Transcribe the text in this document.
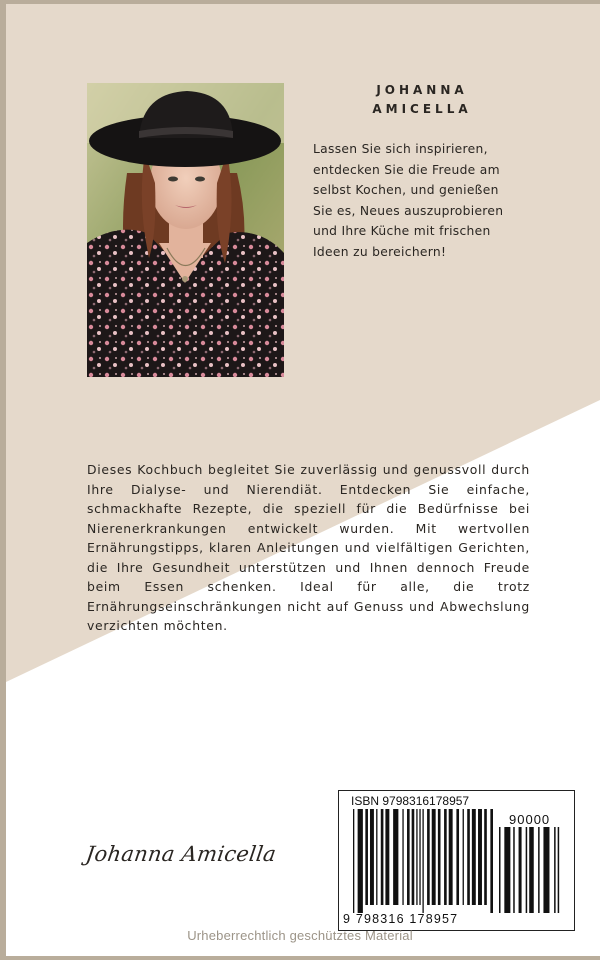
JOHANNA
AMICELLA
Lassen Sie sich inspirieren,
entdecken Sie die Freude am
selbst Kochen, und genießen
Sie es, Neues auszuprobieren
und Ihre Küche mit frischen
Ideen zu bereichern!
Dieses Kochbuch begleitet Sie zuverlässig und genussvoll durch Ihre Dialyse- und Nierendiät. Entdecken Sie einfache, schmackhafte Rezepte, die speziell für die Bedürfnisse bei Nierenerkrankungen entwickelt wurden. Mit wertvollen Ernährungstipps, klaren Anleitungen und vielfältigen Gerichten, die Ihre Gesundheit unterstützen und Ihnen dennoch Freude beim Essen schenken. Ideal für alle, die trotz Ernährungseinschränkungen nicht auf Genuss und Abwechslung verzichten möchten.
Johanna Amicella
ISBN 9798316178957
90000
9 798316 178957
Urheberrechtlich geschütztes Material
